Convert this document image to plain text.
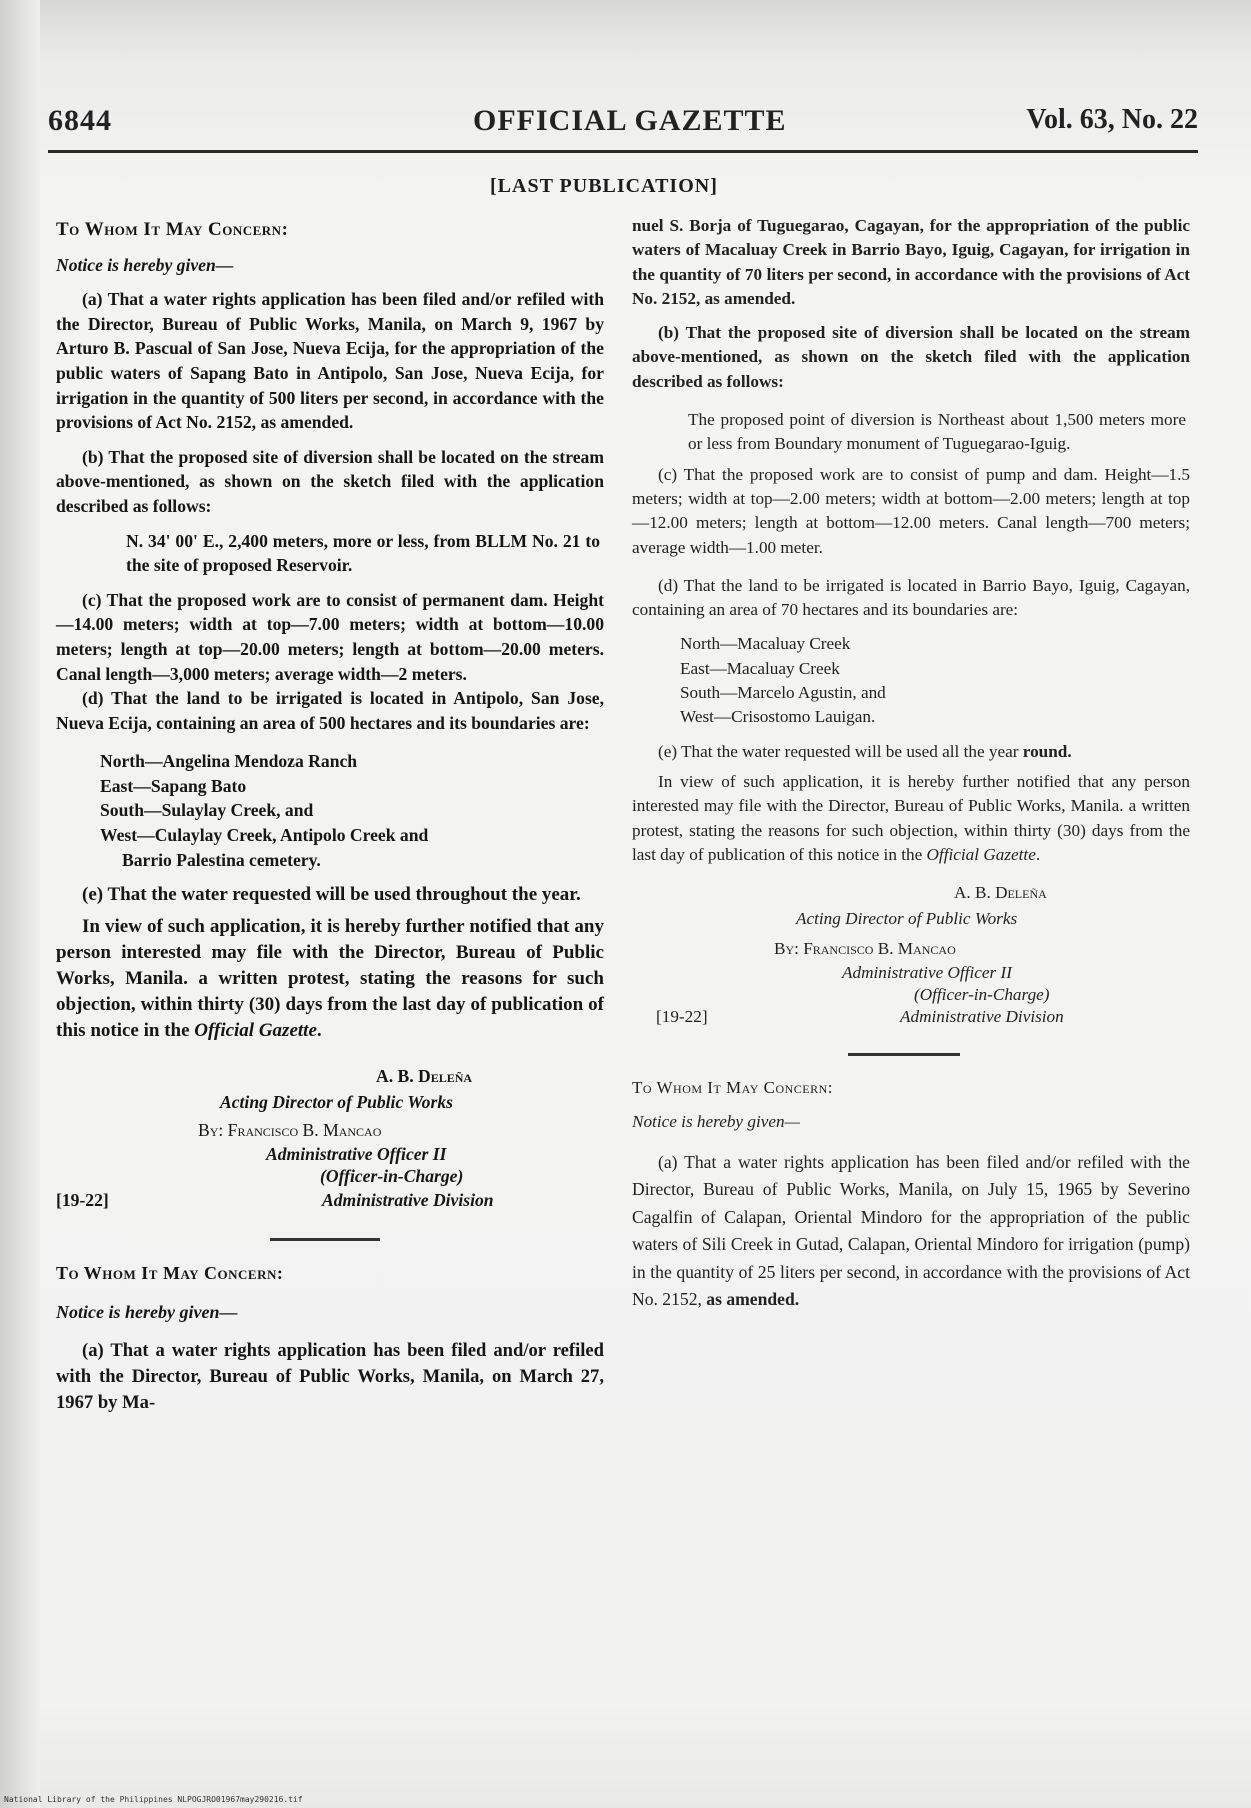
6844	OFFICIAL GAZETTE	Vol. 63, No. 22
[LAST PUBLICATION]

To Whom It May Concern:

Notice is hereby given—

(a) That a water rights application has been filed and/or refiled with the Director, Bureau of Public Works, Manila, on March 9, 1967 by Arturo B. Pascual of San Jose, Nueva Ecija, for the appropriation of the public waters of Sapang Bato in Antipolo, San Jose, Nueva Ecija, for irrigation in the quantity of 500 liters per second, in accordance with the provisions of Act No. 2152, as amended.

(b) That the proposed site of diversion shall be located on the stream above-mentioned, as shown on the sketch filed with the application described as follows:

N. 34' 00' E., 2,400 meters, more or less, from BLLM No. 21 to the site of proposed Reservoir.

(c) That the proposed work are to consist of permanent dam. Height—14.00 meters; width at top—7.00 meters; width at bottom—10.00 meters; length at top—20.00 meters; length at bottom—20.00 meters. Canal length—3,000 meters; average width—2 meters.

(d) That the land to be irrigated is located in Antipolo, San Jose, Nueva Ecija, containing an area of 500 hectares and its boundaries are:

North—Angelina Mendoza Ranch
East—Sapang Bato
South—Sulaylay Creek, and
West—Culaylay Creek, Antipolo Creek and
Barrio Palestina cemetery.

(e) That the water requested will be used throughout the year.

In view of such application, it is hereby further notified that any person interested may file with the Director, Bureau of Public Works, Manila. a written protest, stating the reasons for such objection, within thirty (30) days from the last day of publication of this notice in the Official Gazette.

A. B. Deleña
Acting Director of Public Works
By: Francisco B. Mancao
Administrative Officer II
(Officer-in-Charge)
[19-22]	Administrative Division

To Whom It May Concern:

Notice is hereby given—

(a) That a water rights application has been filed and/or refiled with the Director, Bureau of Public Works, Manila, on March 27, 1967 by Ma-

nuel S. Borja of Tuguegarao, Cagayan, for the appropriation of the public waters of Macaluay Creek in Barrio Bayo, Iguig, Cagayan, for irrigation in the quantity of 70 liters per second, in accordance with the provisions of Act No. 2152, as amended.

(b) That the proposed site of diversion shall be located on the stream above-mentioned, as shown on the sketch filed with the application described as follows:

The proposed point of diversion is Northeast about 1,500 meters more or less from Boundary monument of Tuguegarao-Iguig.

(c) That the proposed work are to consist of pump and dam. Height—1.5 meters; width at top—2.00 meters; width at bottom—2.00 meters; length at top—12.00 meters; length at bottom—12.00 meters. Canal length—700 meters; average width—1.00 meter.

(d) That the land to be irrigated is located in Barrio Bayo, Iguig, Cagayan, containing an area of 70 hectares and its boundaries are:

North—Macaluay Creek
East—Macaluay Creek
South—Marcelo Agustin, and
West—Crisostomo Lauigan.

(e) That the water requested will be used all the year round.

In view of such application, it is hereby further notified that any person interested may file with the Director, Bureau of Public Works, Manila. a written protest, stating the reasons for such objection, within thirty (30) days from the last day of publication of this notice in the Official Gazette.

A. B. Deleña
Acting Director of Public Works
By: Francisco B. Mancao
Administrative Officer II
(Officer-in-Charge)
[19-22]	Administrative Division

To Whom It May Concern:

Notice is hereby given—

(a) That a water rights application has been filed and/or refiled with the Director, Bureau of Public Works, Manila, on July 15, 1965 by Severino Cagalfin of Calapan, Oriental Mindoro for the appropriation of the public waters of Sili Creek in Gutad, Calapan, Oriental Mindoro for irrigation (pump) in the quantity of 25 liters per second, in accordance with the provisions of Act No. 2152, as amended.

National Library of the Philippines NLPOGJRO01967may290216.tif
